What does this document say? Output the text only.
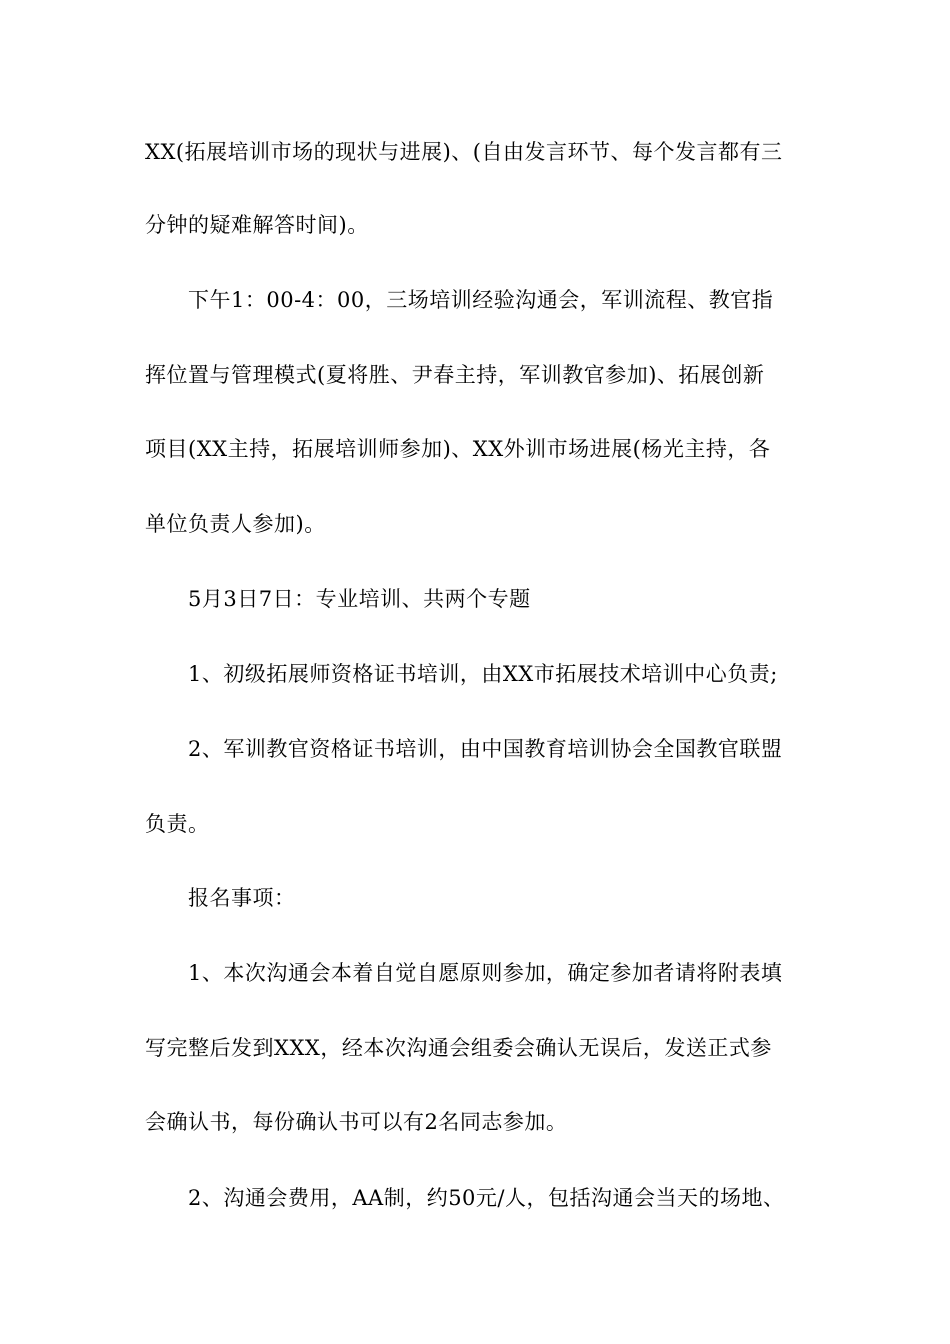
XX(拓展培训市场的现状与进展)、(自由发言环节、每个发言都有三
分钟的疑难解答时间)。
下午1：00-4：00，三场培训经验沟通会，军训流程、教官指
挥位置与管理模式(夏将胜、尹春主持，军训教官参加)、拓展创新
项目(XX主持，拓展培训师参加)、XX外训市场进展(杨光主持，各
单位负责人参加)。
5月3日7日：专业培训、共两个专题
1、初级拓展师资格证书培训，由XX市拓展技术培训中心负责;
2、军训教官资格证书培训，由中国教育培训协会全国教官联盟
负责。
报名事项：
1、本次沟通会本着自觉自愿原则参加，确定参加者请将附表填
写完整后发到XXX，经本次沟通会组委会确认无误后，发送正式参
会确认书，每份确认书可以有2名同志参加。
2、沟通会费用，AA制，约50元/人，包括沟通会当天的场地、
